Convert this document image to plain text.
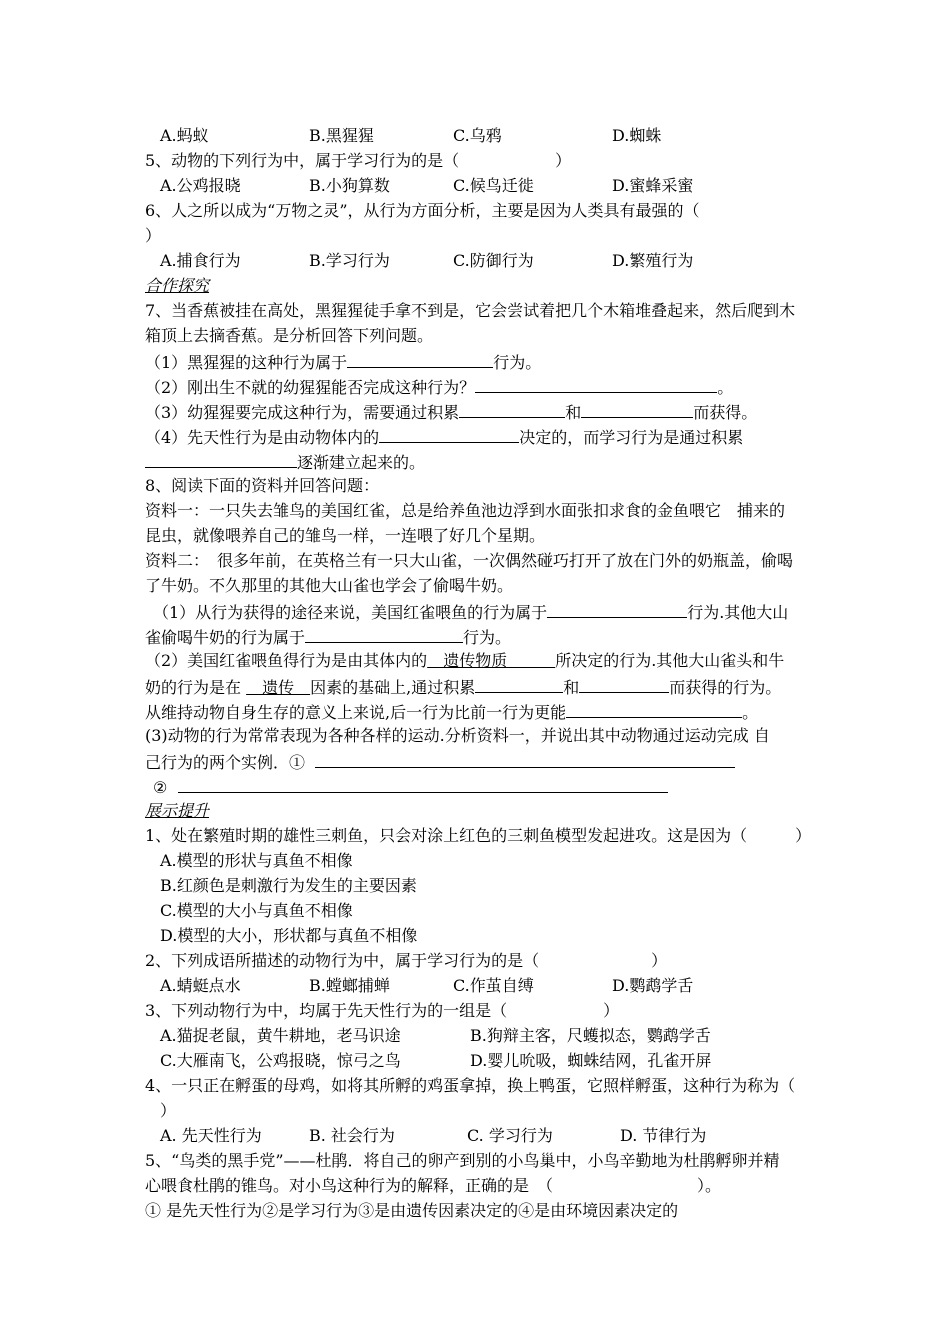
A.蚂蚁	B.黑猩猩	C.乌鸦	D.蜘蛛
5、动物的下列行为中，属于学习行为的是（　　　　　　）
A.公鸡报晓	B.小狗算数	C.候鸟迁徙	D.蜜蜂采蜜
6、人之所以成为“万物之灵”，从行为方面分析，主要是因为人类具有最强的（
）
A.捕食行为	B.学习行为	C.防御行为	D.繁殖行为
合作探究
7、当香蕉被挂在高处，黑猩猩徒手拿不到是，它会尝试着把几个木箱堆叠起来，然后爬到木
箱顶上去摘香蕉。是分析回答下列问题。
（1）黑猩猩的这种行为属于	行为。
（2）刚出生不就的幼猩猩能否完成这种行为？	。
（3）幼猩猩要完成这种行为，需要通过积累	和	而获得。
（4）先天性行为是由动物体内的	决定的，而学习行为是通过积累
逐渐建立起来的。
8、阅读下面的资料并回答问题：
资料一：一只失去雏鸟的美国红雀，总是给养鱼池边浮到水面张扣求食的金鱼喂它　捕来的
昆虫，就像喂养自己的雏鸟一样，一连喂了好几个星期。
资料二：　很多年前，在英格兰有一只大山雀，一次偶然碰巧打开了放在门外的奶瓶盖，偷喝
了牛奶。不久那里的其他大山雀也学会了偷喝牛奶。
（1）从行为获得的途径来说，美国红雀喂鱼的行为属于	行为.其他大山
雀偷喝牛奶的行为属于	行为。
（2）美国红雀喂鱼得行为是由其体内的　遗传物质　　　所决定的行为.其他大山雀头和牛
奶的行为是在 　遗传　因素的基础上,通过积累	和	而获得的行为。
从维持动物自身生存的意义上来说,后一行为比前一行为更能	。
(3)动物的行为常常表现为各种各样的运动.分析资料一，并说出其中动物通过运动完成 自
己行为的两个实例．①
②
展示提升
1、处在繁殖时期的雄性三刺鱼，只会对涂上红色的三刺鱼模型发起进攻。这是因为（　　　）
A.模型的形状与真鱼不相像
B.红颜色是刺激行为发生的主要因素
C.模型的大小与真鱼不相像
D.模型的大小，形状都与真鱼不相像
2、下列成语所描述的动物行为中，属于学习行为的是（　　　　　　　）
A.蜻蜓点水	B.螳螂捕蝉	C.作茧自缚	D.鹦鹉学舌
3、下列动物行为中，均属于先天性行为的一组是（　　　　　　）
A.猫捉老鼠，黄牛耕地，老马识途	B.狗辩主客，尺蠖拟态，鹦鹉学舌
C.大雁南飞，公鸡报晓，惊弓之鸟	D.婴儿吮吸，蜘蛛结网，孔雀开屏
4、一只正在孵蛋的母鸡，如将其所孵的鸡蛋拿掉，换上鸭蛋，它照样孵蛋，这种行为称为（
）
A. 先天性行为	B. 社会行为	C. 学习行为	D. 节律行为
5、“鸟类的黑手党”——杜鹃．将自己的卵产到别的小鸟巢中，小鸟辛勤地为杜鹃孵卵并精
心喂食杜鹃的锥鸟。对小鸟这种行为的解释，正确的是　（　　　　　　　　　）。
① 是先天性行为②是学习行为③是由遗传因素决定的④是由环境因素决定的
